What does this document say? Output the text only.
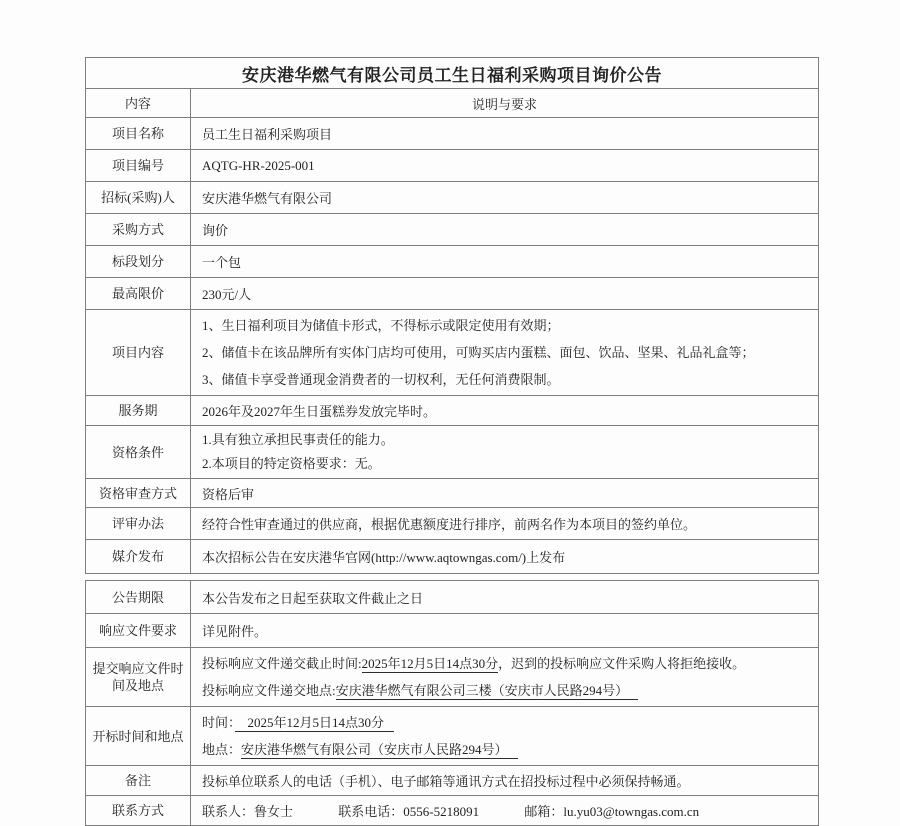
安庆港华燃气有限公司员工生日福利采购项目询价公告	
内容	说明与要求
项目名称	员工生日福利采购项目
项目编号	AQTG-HR-2025-001
招标(采购)人	安庆港华燃气有限公司
采购方式	询价
标段划分	一个包
最高限价	230元/人
项目内容	1、生日福利项目为储值卡形式，不得标示或限定使用有效期；
2、储值卡在该品牌所有实体门店均可使用，可购买店内蛋糕、面包、饮品、坚果、礼品礼盒等；
3、储值卡享受普通现金消费者的一切权利，无任何消费限制。

服务期	2026年及2027年生日蛋糕券发放完毕时。
资格条件	1.具有独立承担民事责任的能力。
2.本项目的特定资格要求：无。

资格审查方式	资格后审
评审办法	经符合性审查通过的供应商，根据优惠额度进行排序，前两名作为本项目的签约单位。
媒介发布	本次招标公告在安庆港华官网(http://www.aqtowngas.com/)上发布
公告期限	本公告发布之日起至获取文件截止之日
响应文件要求	详见附件。
提交响应文件时间及地点	投标响应文件递交截止时间:2025年12月5日14点30分，迟到的投标响应文件采购人将拒绝接收。
投标响应文件递交地点:安庆港华燃气有限公司三楼（安庆市人民路294号）

开标时间和地点	时间：　2025年12月5日14点30分
地点：安庆港华燃气有限公司（安庆市人民路294号）

备注	投标单位联系人的电话（手机）、电子邮箱等通讯方式在招投标过程中必须保持畅通。
联系方式	联系人：鲁女士 联系电话：0556-5218091 邮箱：lu.yu03@towngas.com.cn
